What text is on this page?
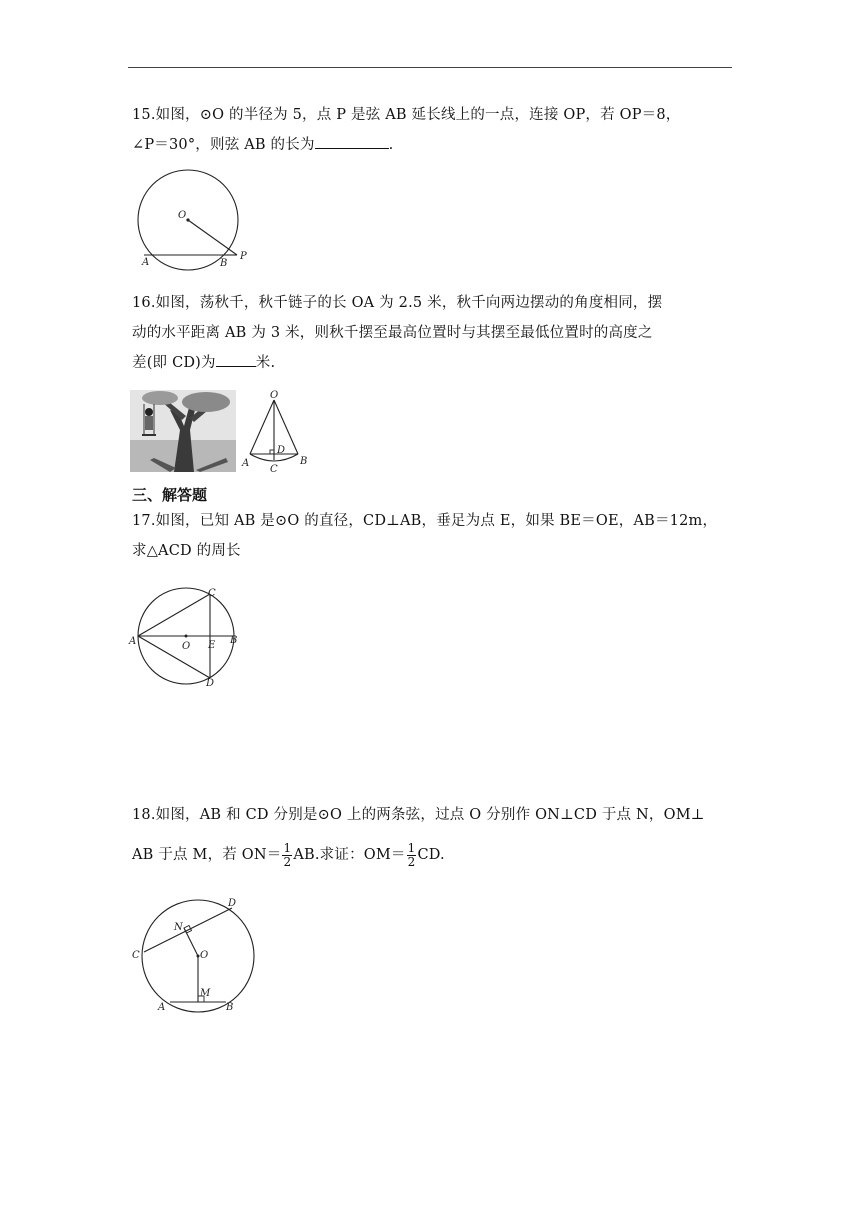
15.如图，⊙O 的半径为 5，点 P 是弦 AB 延长线上的一点，连接 OP，若 OP＝8，
∠P＝30°，则弦 AB 的长为	.
O
A	B
P
16.如图，荡秋千，秋千链子的长 OA 为 2.5 米，秋千向两边摆动的角度相同，摆
动的水平距离 AB 为 3 米，则秋千摆至最高位置时与其摆至最低位置时的高度之
差(即 CD)为	米.
O
A	B
C
D
三、解答题
17.如图，已知 AB 是⊙O 的直径，CD⊥AB，垂足为点 E，如果 BE＝OE，AB＝12m，
求△ACD 的周长
A	B
C
D
O E
18.如图，AB 和 CD 分别是⊙O 上的两条弦，过点 O 分别作 ON⊥CD 于点 N，OM⊥
AB 于点 M，若 $ON= \frac{1}{2}$ AB.求证：$OM= \frac{1}{2}$ CD.
D
N
O
C
M
A	B
